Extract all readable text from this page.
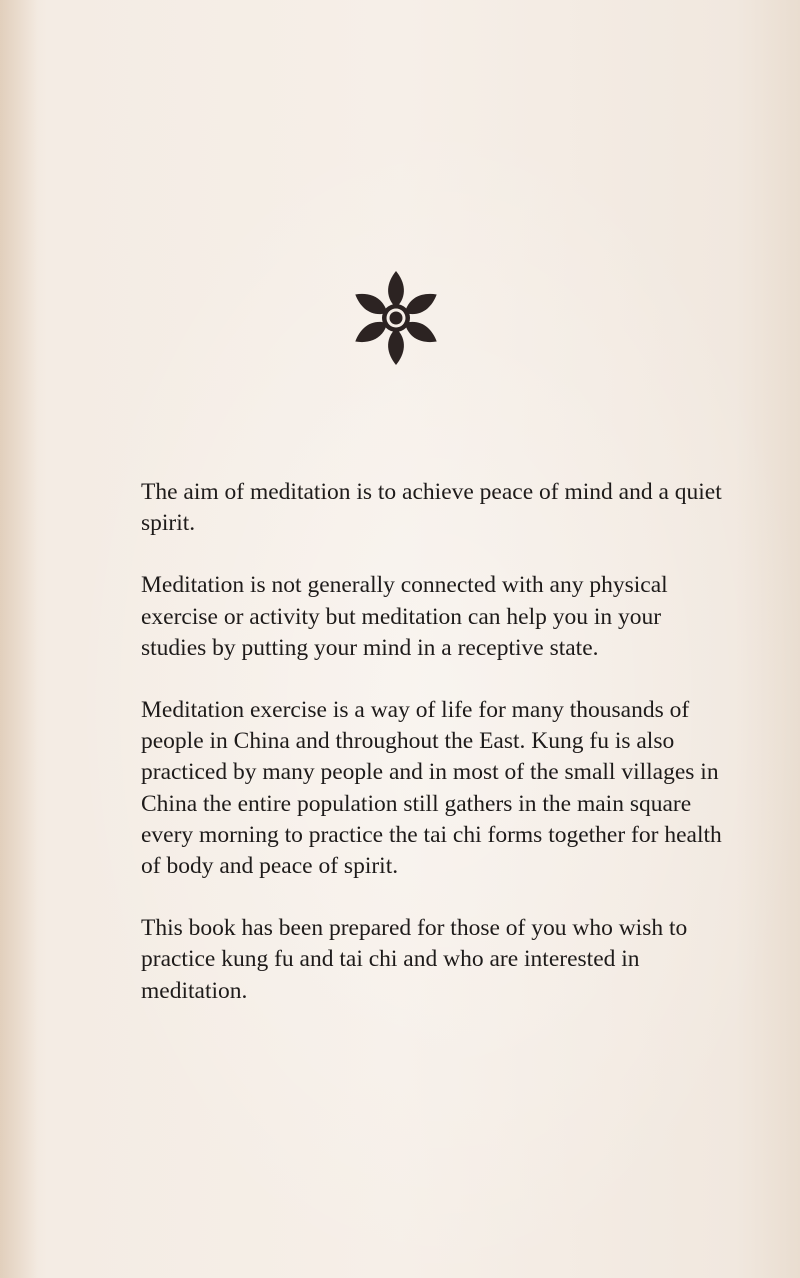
The aim of meditation is to achieve peace of mind and a quiet spirit.

Meditation is not generally connected with any physical exercise or activity but meditation can help you in your studies by putting your mind in a receptive state.

Meditation exercise is a way of life for many thousands of people in China and throughout the East. Kung fu is also practiced by many people and in most of the small villages in China the entire population still gathers in the main square every morning to practice the tai chi forms together for health of body and peace of spirit.

This book has been prepared for those of you who wish to practice kung fu and tai chi and who are interested in meditation.
